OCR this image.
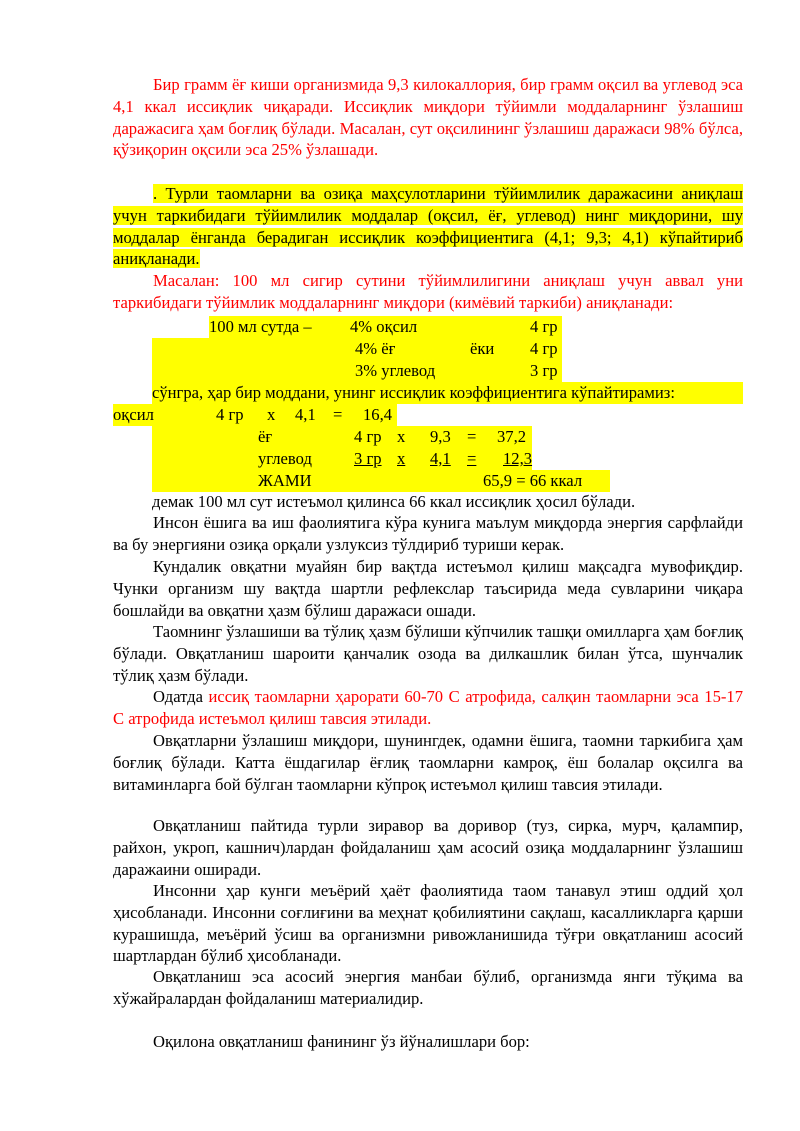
Бир грамм ёғ киши организмида 9,3 килокаллория, бир грамм оқсил ва углевод эса 4,1 ккал иссиқлик чиқаради. Иссиқлик миқдори тўйимли моддаларнинг ўзлашиш даражасига ҳам боғлиқ бўлади. Масалан, сут оқсилининг ўзлашиш даражаси 98% бўлса, қўзиқорин оқсили эса 25% ўзлашади.

. Турли таомларни ва озиқа маҳсулотларини тўйимлилик даражасини аниқлаш учун таркибидаги тўйимлилик моддалар (оқсил, ёғ, углевод) нинг миқдорини, шу моддалар ёнганда берадиган иссиқлик коэффициентига (4,1; 9,3; 4,1) кўпайтириб аниқланади.

Масалан: 100 мл сигир сутини тўйимлилигини аниқлаш учун аввал уни таркибидаги тўйимлик моддаларнинг миқдори (кимёвий таркиби) аниқланади:

100 мл сутда – 4% оқсил	4 гр
4% ёғ	ёки 4 гр
3% углевод	3 гр
сўнгра, ҳар бир моддани, унинг иссиқлик коэффициентига кўпайтирамиз:
оқсил	4 гр х 4,1 = 16,4
ёғ	4 гр х 9,3 = 37,2
углевод	3 гр х 4,1 = 12,3
ЖАМИ	65,9 = 66 ккал

демак 100 мл сут истеъмол қилинса 66 ккал иссиқлик ҳосил бўлади.

Инсон ёшига ва иш фаолиятига кўра кунига маълум миқдорда энергия сарфлайди ва бу энергияни озиқа орқали узлуксиз тўлдириб туриши керак.

Кундалик овқатни муайян бир вақтда истеъмол қилиш мақсадга мувофиқдир. Чунки организм шу вақтда шартли рефлекслар таъсирида меда сувларини чиқара бошлайди ва овқатни ҳазм бўлиш даражаси ошади.

Таомнинг ўзлашиши ва тўлиқ ҳазм бўлиши кўпчилик ташқи омилларга ҳам боғлиқ бўлади. Овқатланиш шароити қанчалик озода ва дилкашлик билан ўтса, шунчалик тўлиқ ҳазм бўлади.

Одатда иссиқ таомларни ҳарорати 60-70 С атрофида, салқин таомларни эса 15-17 С атрофида истеъмол қилиш тавсия этилади.

Овқатларни ўзлашиш миқдори, шунингдек, одамни ёшига, таомни таркибига ҳам боғлиқ бўлади. Катта ёшдагилар ёғлиқ таомларни камроқ, ёш болалар оқсилга ва витаминларга бой бўлган таомларни кўпроқ истеъмол қилиш тавсия этилади.

Овқатланиш пайтида турли зиравор ва доривор (туз, сирка, мурч, қалампир, райхон, укроп, кашнич)лардан фойдаланиш ҳам асосий озиқа моддаларнинг ўзлашиш даражаини оширади.

Инсонни ҳар кунги меъёрий ҳаёт фаолиятида таом танавул этиш оддий ҳол ҳисобланади. Инсонни соғлиғини ва меҳнат қобилиятини сақлаш, касалликларга қарши курашишда, меъёрий ўсиш ва организмни ривожланишида тўғри овқатланиш асосий шартлардан бўлиб ҳисобланади.

Овқатланиш эса асосий энергия манбаи бўлиб, организмда янги тўқима ва хўжайралардан фойдаланиш материалидир.

Оқилона овқатланиш фанининг ўз йўналишлари бор:
